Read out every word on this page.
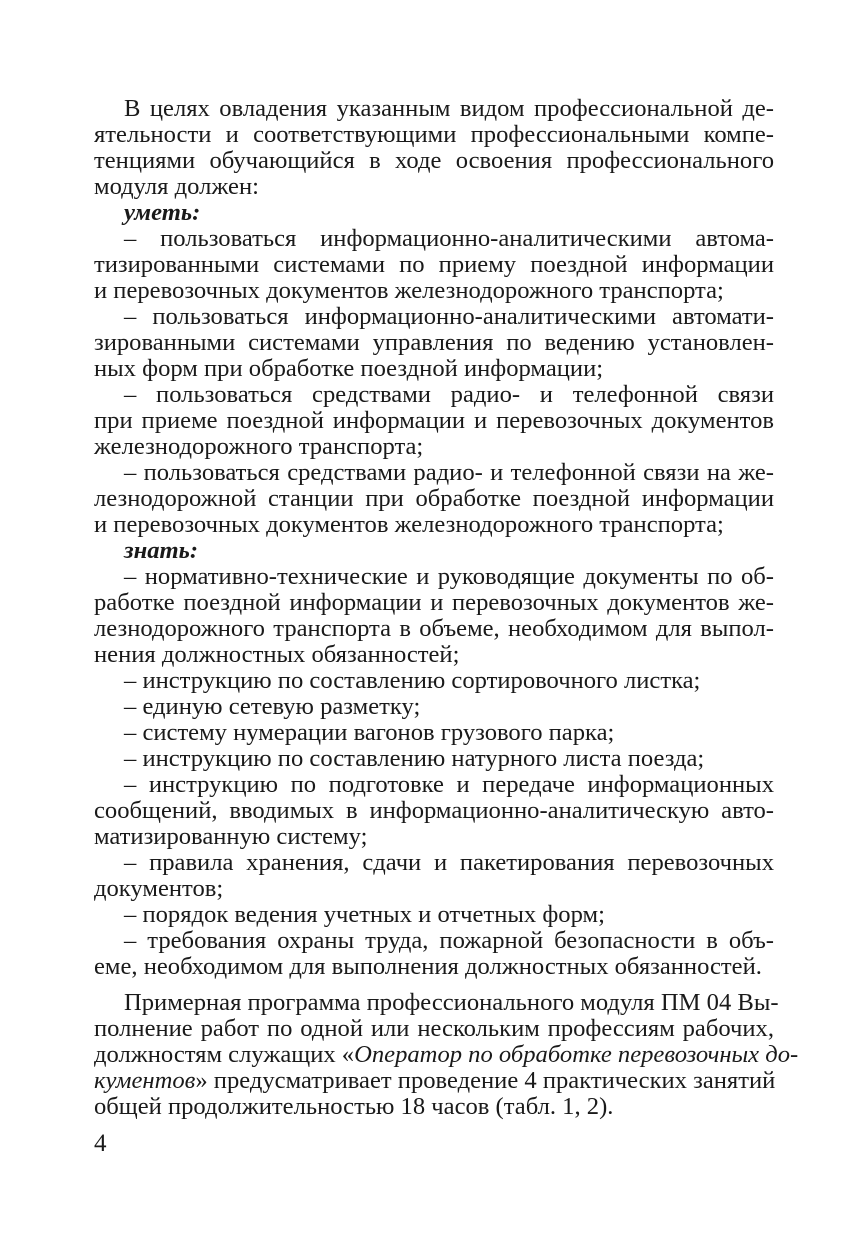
В целях овладения указанным видом профессиональной де-
ятельности и соответствующими профессиональными компе-
тенциями обучающийся в ходе освоения профессионального
модуля должен:
уметь:
– пользоваться информационно-аналитическими автома-
тизированными системами по приему поездной информации
и перевозочных документов железнодорожного транспорта;
– пользоваться информационно-аналитическими автомати-
зированными системами управления по ведению установлен-
ных форм при обработке поездной информации;
– пользоваться средствами радио- и телефонной связи
при приеме поездной информации и перевозочных документов
железнодорожного транспорта;
– пользоваться средствами радио- и телефонной связи на же-
лезнодорожной станции при обработке поездной информации
и перевозочных документов железнодорожного транспорта;
знать:
– нормативно-технические и руководящие документы по об-
работке поездной информации и перевозочных документов же-
лезнодорожного транспорта в объеме, необходимом для выпол-
нения должностных обязанностей;
– инструкцию по составлению сортировочного листка;
– единую сетевую разметку;
– систему нумерации вагонов грузового парка;
– инструкцию по составлению натурного листа поезда;
– инструкцию по подготовке и передаче информационных
сообщений, вводимых в информационно-аналитическую авто-
матизированную систему;
– правила хранения, сдачи и пакетирования перевозочных
документов;
– порядок ведения учетных и отчетных форм;
– требования охраны труда, пожарной безопасности в объ-
еме, необходимом для выполнения должностных обязанностей.
Примерная программа профессионального модуля ПМ 04 Вы-
полнение работ по одной или нескольким профессиям рабочих,
должностям служащих «Оператор по обработке перевозочных до-
кументов» предусматривает проведение 4 практических занятий
общей продолжительностью 18 часов (табл. 1, 2).
4
